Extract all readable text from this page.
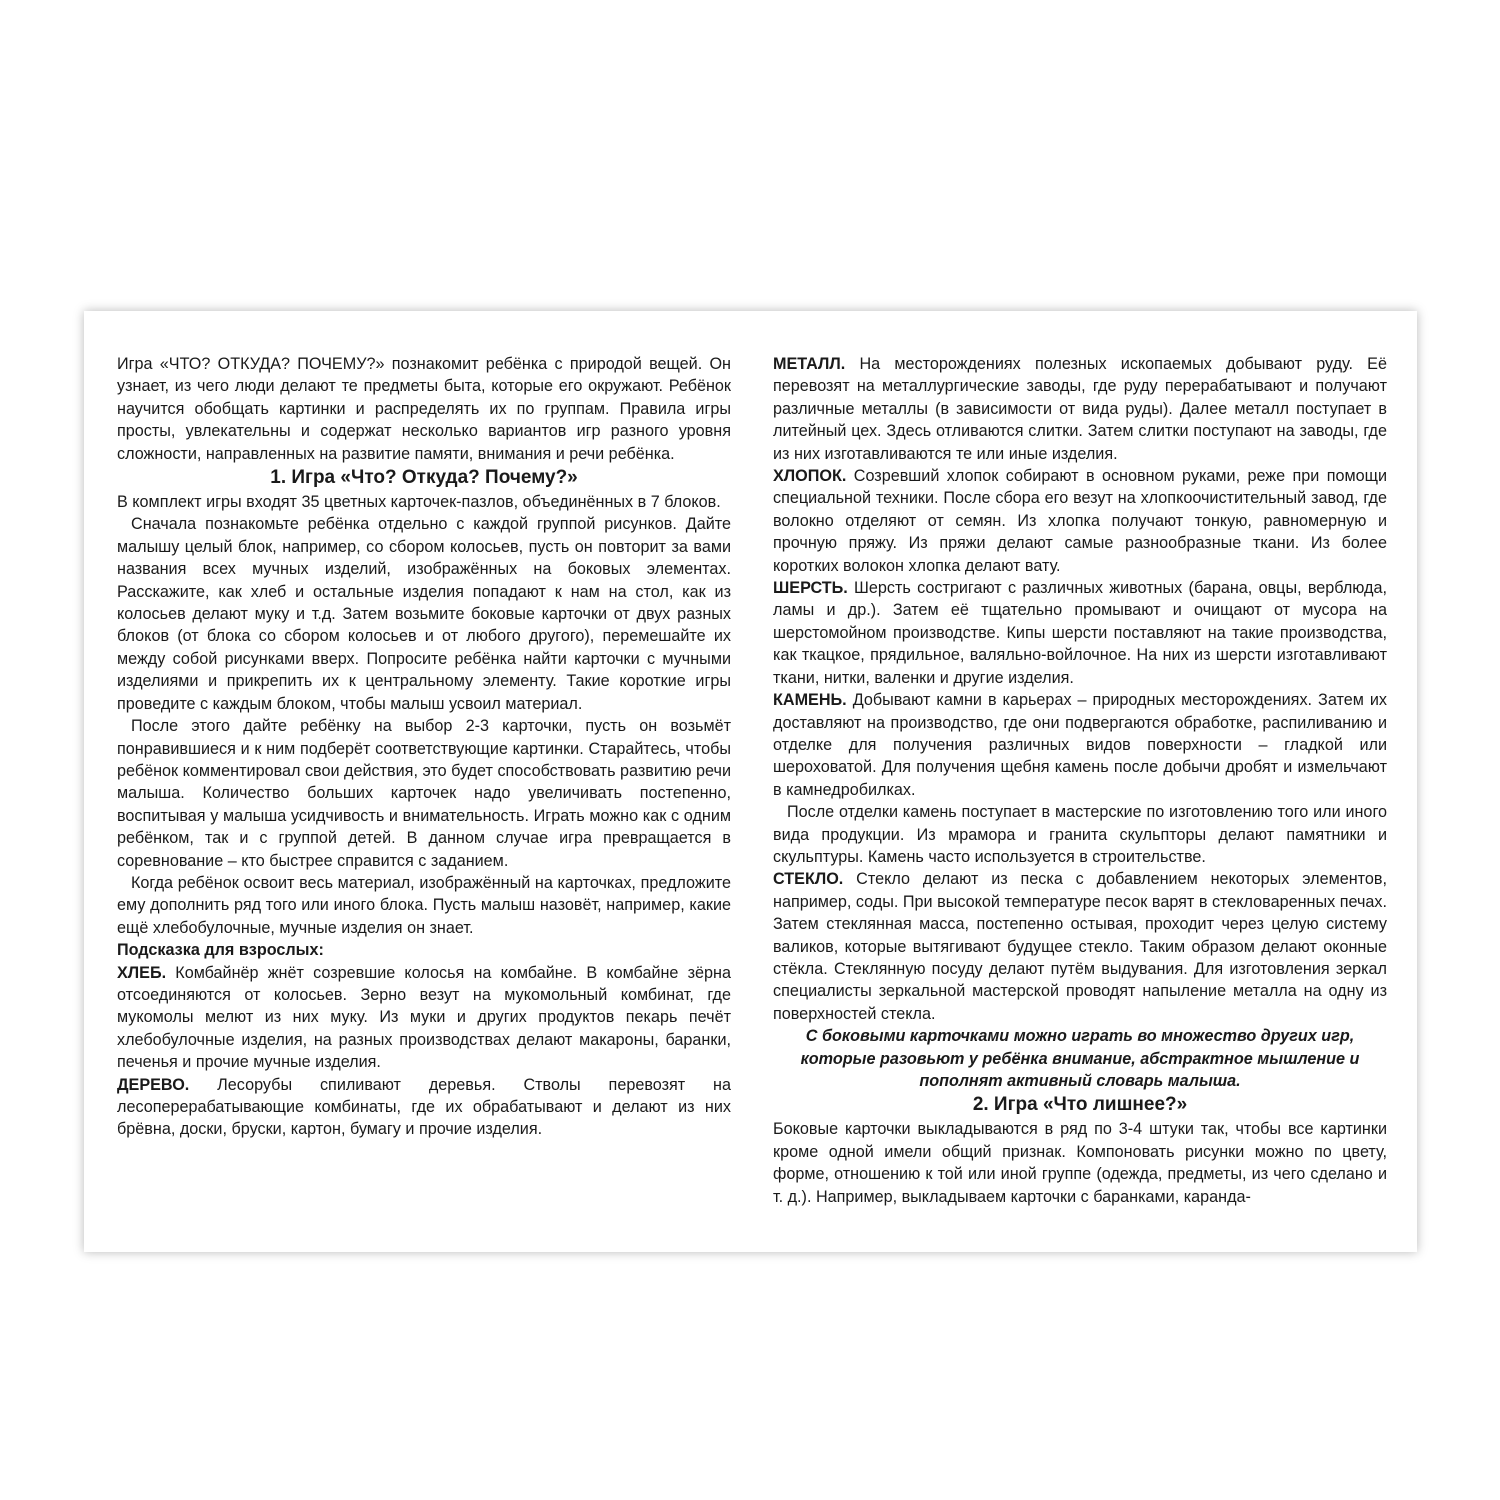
Игра «ЧТО? ОТКУДА? ПОЧЕМУ?» познакомит ребёнка с природой вещей. Он узнает, из чего люди делают те предметы быта, которые его окружают. Ребёнок научится обобщать картинки и распределять их по группам. Правила игры просты, увлекательны и содержат несколько вариантов игр разного уровня сложности, направленных на развитие памяти, внимания и речи ребёнка.

1. Игра «Что? Откуда? Почему?»

В комплект игры входят 35 цветных карточек-пазлов, объединённых в 7 блоков.

Сначала познакомьте ребёнка отдельно с каждой группой рисунков. Дайте малышу целый блок, например, со сбором колосьев, пусть он повторит за вами названия всех мучных изделий, изображённых на боковых элементах. Расскажите, как хлеб и остальные изделия попадают к нам на стол, как из колосьев делают муку и т.д. Затем возьмите боковые карточки от двух разных блоков (от блока со сбором колосьев и от любого другого), перемешайте их между собой рисунками вверх. Попросите ребёнка найти карточки с мучными изделиями и прикрепить их к центральному элементу. Такие короткие игры проведите с каждым блоком, чтобы малыш усвоил материал.

После этого дайте ребёнку на выбор 2-3 карточки, пусть он возьмёт понравившиеся и к ним подберёт соответствующие картинки. Старайтесь, чтобы ребёнок комментировал свои действия, это будет способствовать развитию речи малыша. Количество больших карточек надо увеличивать постепенно, воспитывая у малыша усидчивость и внимательность. Играть можно как с одним ребёнком, так и с группой детей. В данном случае игра превращается в соревнование – кто быстрее справится с заданием.

Когда ребёнок освоит весь материал, изображённый на карточках, предложите ему дополнить ряд того или иного блока. Пусть малыш назовёт, например, какие ещё хлебобулочные, мучные изделия он знает.

Подсказка для взрослых:

ХЛЕБ. Комбайнёр жнёт созревшие колосья на комбайне. В комбайне зёрна отсоединяются от колосьев. Зерно везут на мукомольный комбинат, где мукомолы мелют из них муку. Из муки и других продуктов пекарь печёт хлебобулочные изделия, на разных производствах делают макароны, баранки, печенья и прочие мучные изделия.

ДЕРЕВО. Лесорубы спиливают деревья. Стволы перевозят на лесоперерабатывающие комбинаты, где их обрабатывают и делают из них брёвна, доски, бруски, картон, бумагу и прочие изделия.

МЕТАЛЛ. На месторождениях полезных ископаемых добывают руду. Её перевозят на металлургические заводы, где руду перерабатывают и получают различные металлы (в зависимости от вида руды). Далее металл поступает в литейный цех. Здесь отливаются слитки. Затем слитки поступают на заводы, где из них изготавливаются те или иные изделия.

ХЛОПОК. Созревший хлопок собирают в основном руками, реже при помощи специальной техники. После сбора его везут на хлопкоочистительный завод, где волокно отделяют от семян. Из хлопка получают тонкую, равномерную и прочную пряжу. Из пряжи делают самые разнообразные ткани. Из более коротких волокон хлопка делают вату.

ШЕРСТЬ. Шерсть состригают с различных животных (барана, овцы, верблюда, ламы и др.). Затем её тщательно промывают и очищают от мусора на шерстомойном производстве. Кипы шерсти поставляют на такие производства, как ткацкое, прядильное, валяльно-войлочное. На них из шерсти изготавливают ткани, нитки, валенки и другие изделия.

КАМЕНЬ. Добывают камни в карьерах – природных месторождениях. Затем их доставляют на производство, где они подвергаются обработке, распиливанию и отделке для получения различных видов поверхности – гладкой или шероховатой. Для получения щебня камень после добычи дробят и измельчают в камнедробилках.

После отделки камень поступает в мастерские по изготовлению того или иного вида продукции. Из мрамора и гранита скульпторы делают памятники и скульптуры. Камень часто используется в строительстве.

СТЕКЛО. Стекло делают из песка с добавлением некоторых элементов, например, соды. При высокой температуре песок варят в стекловаренных печах. Затем стеклянная масса, постепенно остывая, проходит через целую систему валиков, которые вытягивают будущее стекло. Таким образом делают оконные стёкла. Стеклянную посуду делают путём выдувания. Для изготовления зеркал специалисты зеркальной мастерской проводят напыление металла на одну из поверхностей стекла.

С боковыми карточками можно играть во множество других игр, которые разовьют у ребёнка внимание, абстрактное мышление и пополнят активный словарь малыша.

2. Игра «Что лишнее?»

Боковые карточки выкладываются в ряд по 3-4 штуки так, чтобы все картинки кроме одной имели общий признак. Компоновать рисунки можно по цвету, форме, отношению к той или иной группе (одежда, предметы, из чего сделано и т. д.). Например, выкладываем карточки с баранками, каранда-
